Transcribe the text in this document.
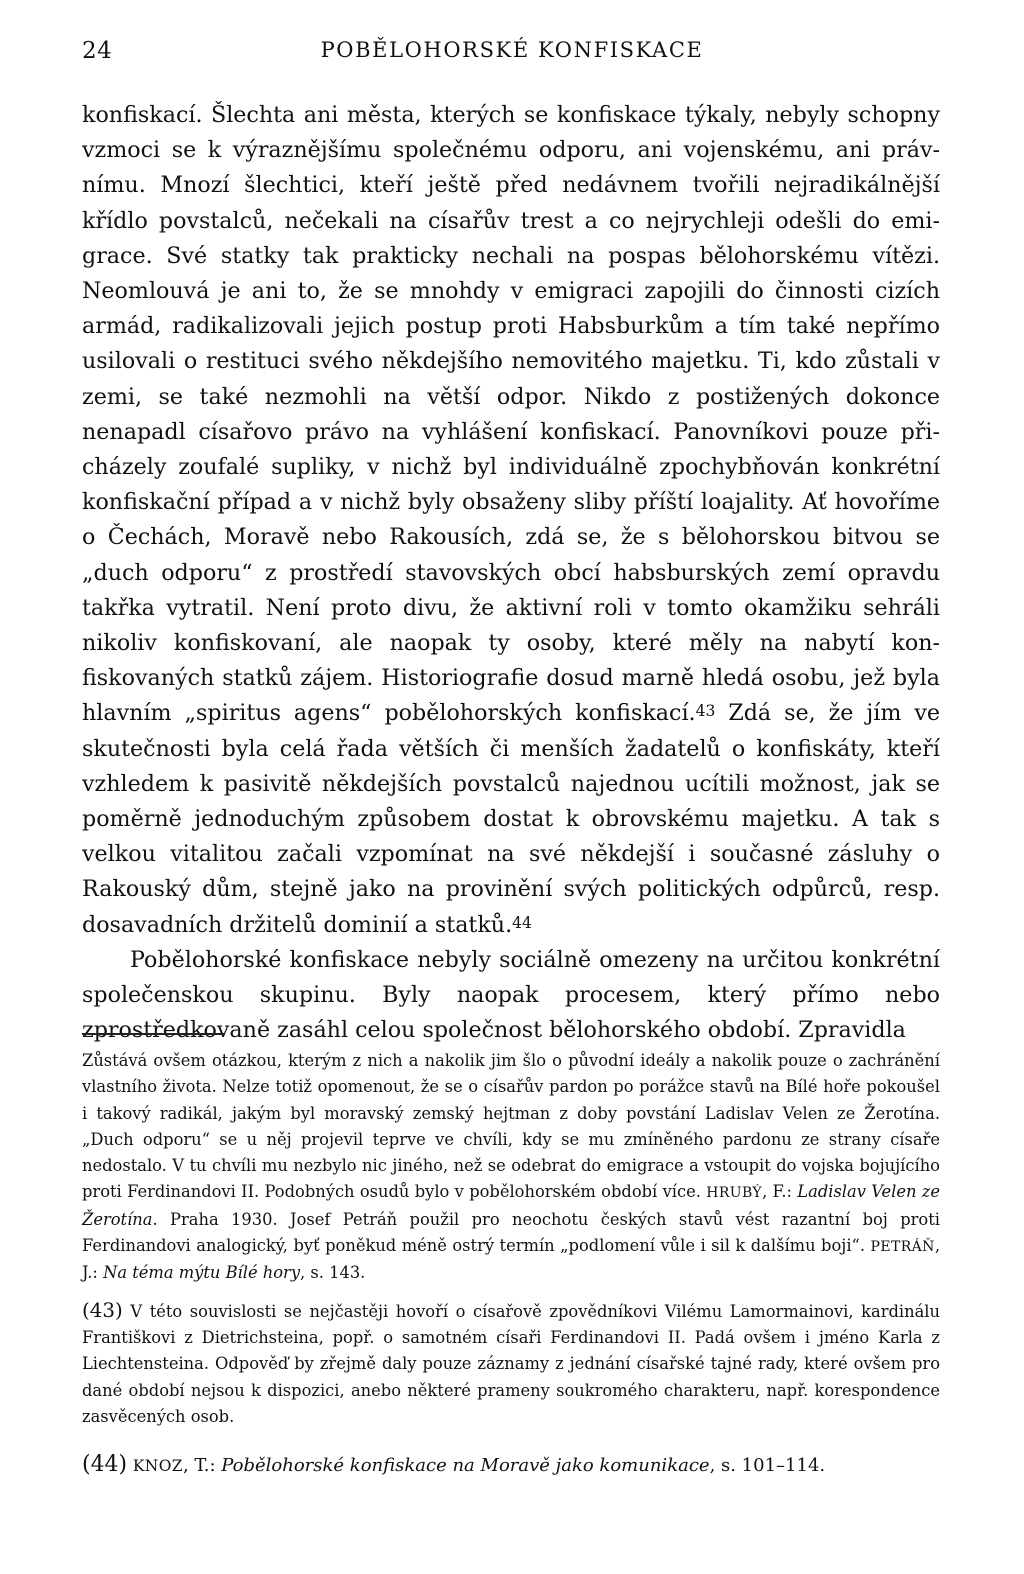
24	POBĚLOHORSKÉ KONFISKACE

konfiskací. Šlechta ani města, kterých se konfiskace týkaly, nebyly schopny vzmoci se k výraznějšímu společnému odporu, ani vojenskému, ani právnímu. Mnozí šlechtici, kteří ještě před nedávnem tvořili nejradikálnější křídlo povstalců, nečekali na císařův trest a co nejrychleji odešli do emigrace. Své statky tak prakticky nechali na pospas bělohorskému vítězi. Neomlouvá je ani to, že se mnohdy v emigraci zapojili do činnosti cizích armád, radikalizovali jejich postup proti Habsburkům a tím také nepřímo usilovali o restituci svého někdejšího nemovitého majetku. Ti, kdo zůstali v zemi, se také nezmohli na větší odpor. Nikdo z postižených dokonce nenapadl císařovo právo na vyhlášení konfiskací. Panovníkovi pouze přicházely zoufalé supliky, v nichž byl individuálně zpochybňován konkrétní konfiskační případ a v nichž byly obsaženy sliby příští loajality. Ať hovoříme o Čechách, Moravě nebo Rakousích, zdá se, že s bělohorskou bitvou se „duch odporu“ z prostředí stavovských obcí habsburských zemí opravdu takřka vytratil. Není proto divu, že aktivní roli v tomto okamžiku sehráli nikoliv konfiskovaní, ale naopak ty osoby, které měly na nabytí konfiskovaných statků zájem. Historiografie dosud marně hledá osobu, jež byla hlavním „spiritus agens“ pobělohorských konfiskací.$^{43}$ Zdá se, že jím ve skutečnosti byla celá řada větších či menších žadatelů o konfiskáty, kteří vzhledem k pasivitě někdejších povstalců najednou ucítili možnost, jak se poměrně jednoduchým způsobem dostat k obrovskému majetku. A tak s velkou vitalitou začali vzpomínat na své někdejší i současné zásluhy o Rakouský dům, stejně jako na provinění svých politických odpůrců, resp. dosavadních držitelů dominií a statků.$^{44}$

Pobělohorské konfiskace nebyly sociálně omezeny na určitou konkrétní společenskou skupinu. Byly naopak procesem, který přímo nebo zprostředkovaně zasáhl celou společnost bělohorského období. Zpravidla

Zůstává ovšem otázkou, kterým z nich a nakolik jim šlo o původní ideály a nakolik pouze o zachránění vlastního života. Nelze totiž opomenout, že se o císařův pardon po porážce stavů na Bílé hoře pokoušel i takový radikál, jakým byl moravský zemský hejtman z doby povstání Ladislav Velen ze Žerotína. „Duch odporu“ se u něj projevil teprve ve chvíli, kdy se mu zmíněného pardonu ze strany císaře nedostalo. V tu chvíli mu nezbylo nic jiného, než se odebrat do emigrace a vstoupit do vojska bojujícího proti Ferdinandovi II. Podobných osudů bylo v pobělohorském období více. HRUBÝ, F.: Ladislav Velen ze Žerotína. Praha 1930. Josef Petráň použil pro neochotu českých stavů vést razantní boj proti Ferdinandovi analogický, byť poněkud méně ostrý termín „podlomení vůle i sil k dalšímu boji“. PETRÁŇ, J.: Na téma mýtu Bílé hory, s. 143.

(43) V této souvislosti se nejčastěji hovoří o císařově zpovědníkovi Vilému Lamormainovi, kardinálu Františkovi z Dietrichsteina, popř. o samotném císaři Ferdinandovi II. Padá ovšem i jméno Karla z Liechtensteina. Odpověď by zřejmě daly pouze záznamy z jednání císařské tajné rady, které ovšem pro dané období nejsou k dispozici, anebo některé prameny soukromého charakteru, např. korespondence zasvěcených osob.

(44) KNOZ, T.: Pobělohorské konfiskace na Moravě jako komunikace, s. 101–114.
